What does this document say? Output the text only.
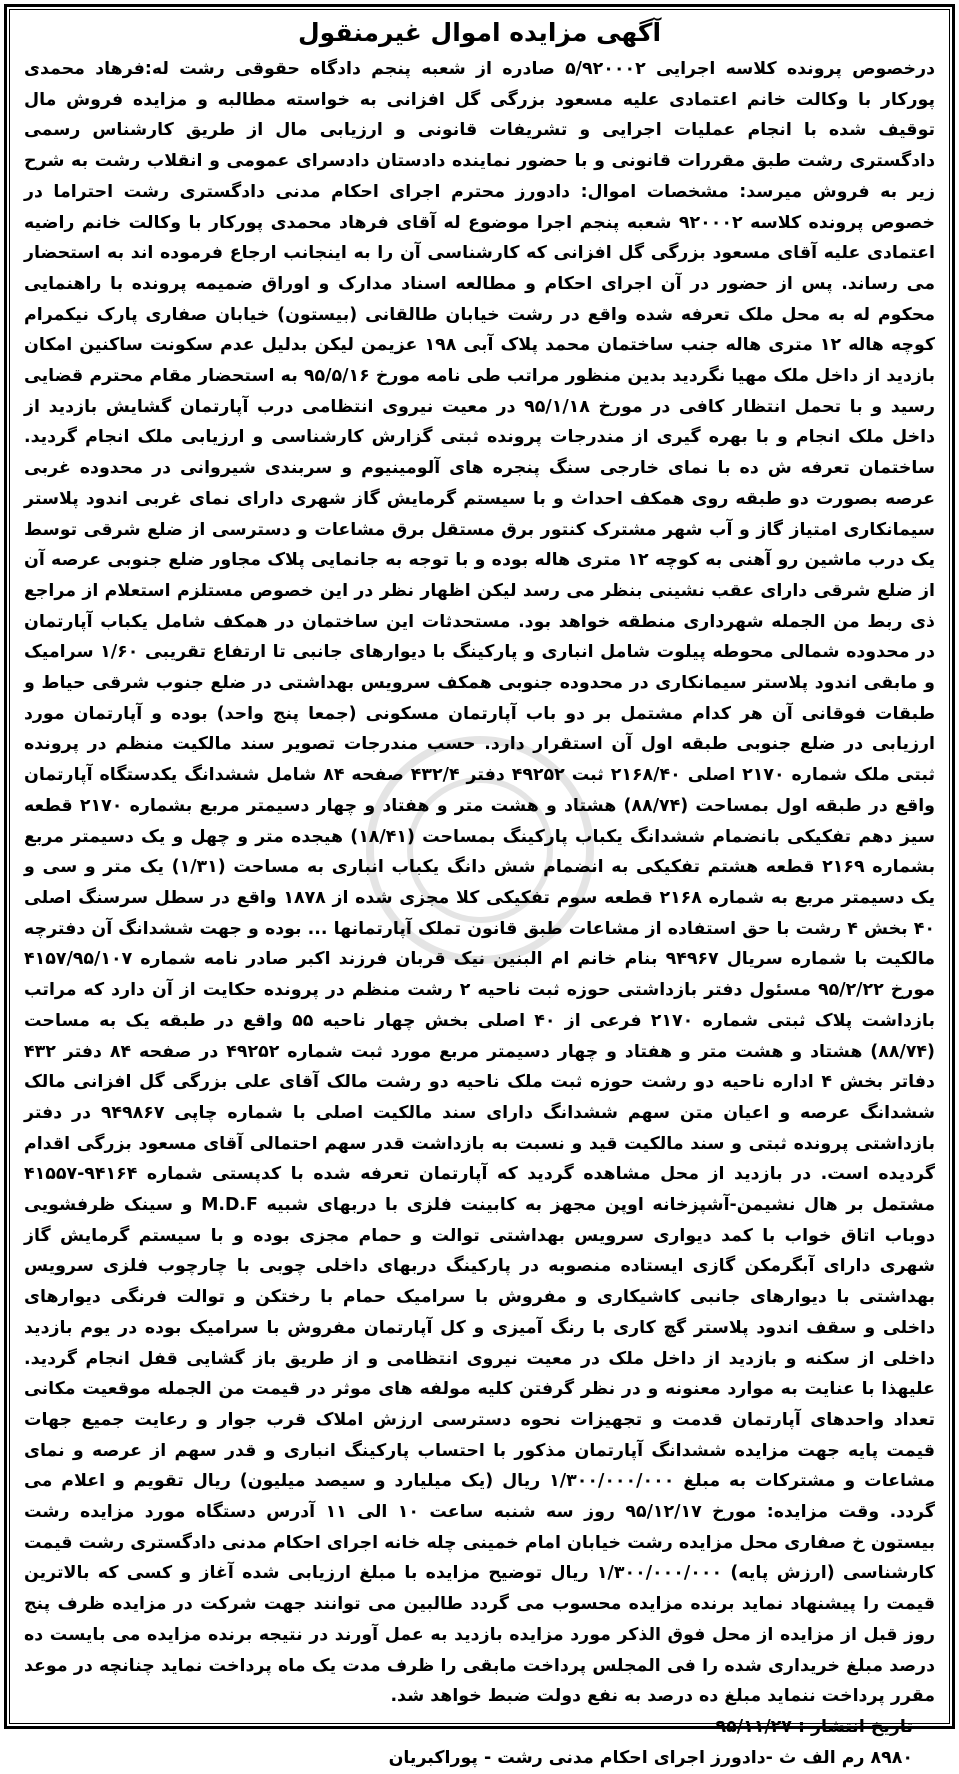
آگهی مزایده اموال غیرمنقول

درخصوص پرونده کلاسه اجرایی ۵/۹۲۰۰۰۲ صادره از شعبه پنجم دادگاه حقوقی رشت له:فرهاد محمدی پورکار با وکالت خانم اعتمادی علیه مسعود بزرگی گل افزانی به خواسته مطالبه و مزایده فروش مال توقیف شده با انجام عملیات اجرایی و تشریفات قانونی و ارزیابی مال از طریق کارشناس رسمی دادگستری رشت طبق مقررات قانونی و با حضور نماینده دادستان دادسرای عمومی و انقلاب رشت به شرح زیر به فروش میرسد: مشخصات اموال: دادورز محترم اجرای احکام مدنی دادگستری رشت احتراما در خصوص پرونده کلاسه ۹۲۰۰۰۲ شعبه پنجم اجرا موضوع له آقای فرهاد محمدی پورکار با وکالت خانم راضیه اعتمادی علیه آقای مسعود بزرگی گل افزانی که کارشناسی آن را به اینجانب ارجاع فرموده اند به استحضار می رساند. پس از حضور در آن اجرای احکام و مطالعه اسناد مدارک و اوراق ضمیمه پرونده با راهنمایی محکوم له به محل ملک تعرفه شده واقع در رشت خیابان طالقانی (بیستون) خیابان صفاری پارک نیکمرام کوچه هاله ۱۲ متری هاله جنب ساختمان محمد پلاک آبی ۱۹۸ عزیمن لیکن بدلیل عدم سکونت ساکنین امکان بازدید از داخل ملک مهیا نگردید بدین منظور مراتب طی نامه مورخ ۹۵/۵/۱۶ به استحضار مقام محترم قضایی رسید و با تحمل انتظار کافی در مورخ ۹۵/۱/۱۸ در معیت نیروی انتظامی درب آپارتمان گشایش بازدید از داخل ملک انجام و با بهره گیری از مندرجات پرونده ثبتی گزارش کارشناسی و ارزیابی ملک انجام گردید. ساختمان تعرفه ش ده با نمای خارجی سنگ پنجره های آلومینیوم و سربندی شیروانی در محدوده غربی عرصه بصورت دو طبقه روی همکف احداث و با سیستم گرمایش گاز شهری دارای نمای غربی اندود پلاستر سیمانکاری امتیاز گاز و آب شهر مشترک کنتور برق مستقل برق مشاعات و دسترسی از ضلع شرقی توسط یک درب ماشین رو آهنی به کوچه ۱۲ متری هاله بوده و با توجه به جانمایی پلاک مجاور ضلع جنوبی عرصه آن از ضلع شرقی دارای عقب نشینی بنظر می رسد لیکن اظهار نظر در این خصوص مستلزم استعلام از مراجع ذی ربط من الجمله شهرداری منطقه خواهد بود. مستحدثات این ساختمان در همکف شامل یکباب آپارتمان در محدوده شمالی محوطه پیلوت شامل انباری و پارکینگ با دیوارهای جانبی تا ارتفاع تقریبی ۱/۶۰ سرامیک و مابقی اندود پلاستر سیمانکاری در محدوده جنوبی همکف سرویس بهداشتی در ضلع جنوب شرقی حیاط و طبقات فوقانی آن هر کدام مشتمل بر دو باب آپارتمان مسکونی (جمعا پنج واحد) بوده و آپارتمان مورد ارزیابی در ضلع جنوبی طبقه اول آن استقرار دارد. حسب مندرجات تصویر سند مالکیت منظم در پرونده ثبتی ملک شماره ۲۱۷۰ اصلی ۲۱۶۸/۴۰ ثبت ۴۹۲۵۲ دفتر ۴۳۲/۴ صفحه ۸۴ شامل ششدانگ یکدستگاه آپارتمان واقع در طبقه اول بمساحت (۸۸/۷۴) هشتاد و هشت متر و هفتاد و چهار دسیمتر مربع بشماره ۲۱۷۰ قطعه سیز دهم تفکیکی بانضمام ششدانگ یکباب پارکینگ بمساحت (۱۸/۴۱) هیجده متر و چهل و یک دسیمتر مربع بشماره ۲۱۶۹ قطعه هشتم تفکیکی به انضمام شش دانگ یکباب انباری به مساحت (۱/۳۱) یک متر و سی و یک دسیمتر مربع به شماره ۲۱۶۸ قطعه سوم تفکیکی کلا مجزی شده از ۱۸۷۸ واقع در سطل سرسنگ اصلی ۴۰ بخش ۴ رشت با حق استفاده از مشاعات طبق قانون تملک آپارتمانها ... بوده و جهت ششدانگ آن دفترچه مالکیت با شماره سریال ۹۴۹۶۷ بنام خانم ام البنین نیک قربان فرزند اکبر صادر نامه شماره ۴۱۵۷/۹۵/۱۰۷ مورخ ۹۵/۲/۲۲ مسئول دفتر بازداشتی حوزه ثبت ناحیه ۲ رشت منظم در پرونده حکایت از آن دارد که مراتب بازداشت پلاک ثبتی شماره ۲۱۷۰ فرعی از ۴۰ اصلی بخش چهار ناحیه ۵۵ واقع در طبقه یک به مساحت (۸۸/۷۴) هشتاد و هشت متر و هفتاد و چهار دسیمتر مربع مورد ثبت شماره ۴۹۲۵۲ در صفحه ۸۴ دفتر ۴۳۲ دفاتر بخش ۴ اداره ناحیه دو رشت حوزه ثبت ملک ناحیه دو رشت مالک آقای علی بزرگی گل افزانی مالک ششدانگ عرصه و اعیان متن سهم ششدانگ دارای سند مالکیت اصلی با شماره چاپی ۹۴۹۸۶۷ در دفتر بازداشتی پرونده ثبتی و سند مالکیت قید و نسبت به بازداشت قدر سهم احتمالی آقای مسعود بزرگی اقدام گردیده است. در بازدید از محل مشاهده گردید که آپارتمان تعرفه شده با کدپستی شماره ۹۴۱۶۴-۴۱۵۵۷ مشتمل بر هال نشیمن-آشپزخانه اوپن مجهز به کابینت فلزی با دربهای شبیه M.D.F و سینک ظرفشویی دوباب اتاق خواب با کمد دیواری سرویس بهداشتی توالت و حمام مجزی بوده و با سیستم گرمایش گاز شهری دارای آبگرمکن گازی ایستاده منصوبه در پارکینگ دربهای داخلی چوبی با چارچوب فلزی سرویس بهداشتی با دیوارهای جانبی کاشیکاری و مفروش با سرامیک حمام با رختکن و توالت فرنگی دیوارهای داخلی و سقف اندود پلاستر گچ کاری با رنگ آمیزی و کل آپارتمان مفروش با سرامیک بوده در یوم بازدید داخلی از سکنه و بازدید از داخل ملک در معیت نیروی انتظامی و از طریق باز گشایی قفل انجام گردید. علیهذا با عنایت به موارد معنونه و در نظر گرفتن کلیه مولفه های موثر در قیمت من الجمله موقعیت مکانی تعداد واحدهای آپارتمان قدمت و تجهیزات نحوه دسترسی ارزش املاک قرب جوار و رعایت جمیع جهات قیمت پایه جهت مزایده ششدانگ آپارتمان مذکور با احتساب پارکینگ انباری و قدر سهم از عرصه و نمای مشاعات و مشترکات به مبلغ ۱/۳۰۰/۰۰۰/۰۰۰ ریال (یک میلیارد و سیصد میلیون) ریال تقویم و اعلام می گردد. وقت مزایده: مورخ ۹۵/۱۲/۱۷ روز سه شنبه ساعت ۱۰ الی ۱۱ آدرس دستگاه مورد مزایده رشت بیستون خ صفاری محل مزایده رشت خیابان امام خمینی چله خانه اجرای احکام مدنی دادگستری رشت قیمت کارشناسی (ارزش پایه) ۱/۳۰۰/۰۰۰/۰۰۰ ریال توضیح مزایده با مبلغ ارزیابی شده آغاز و کسی که بالاترین قیمت را پیشنهاد نماید برنده مزایده محسوب می گردد طالبین می توانند جهت شرکت در مزایده ظرف پنج روز قبل از مزایده از محل فوق الذکر مورد مزایده بازدید به عمل آورند در نتیجه برنده مزایده می بایست ده درصد مبلغ خریداری شده را فی المجلس پرداخت مابقی را ظرف مدت یک ماه پرداخت نماید چنانچه در موعد مقرر پرداخت ننماید مبلغ ده درصد به نفع دولت ضبط خواهد شد.

تاریخ انتشار : ۹۵/۱۱/۲۷
۸۹۸۰ رم الف ث -دادورز اجرای احکام مدنی رشت - پوراکبریان
